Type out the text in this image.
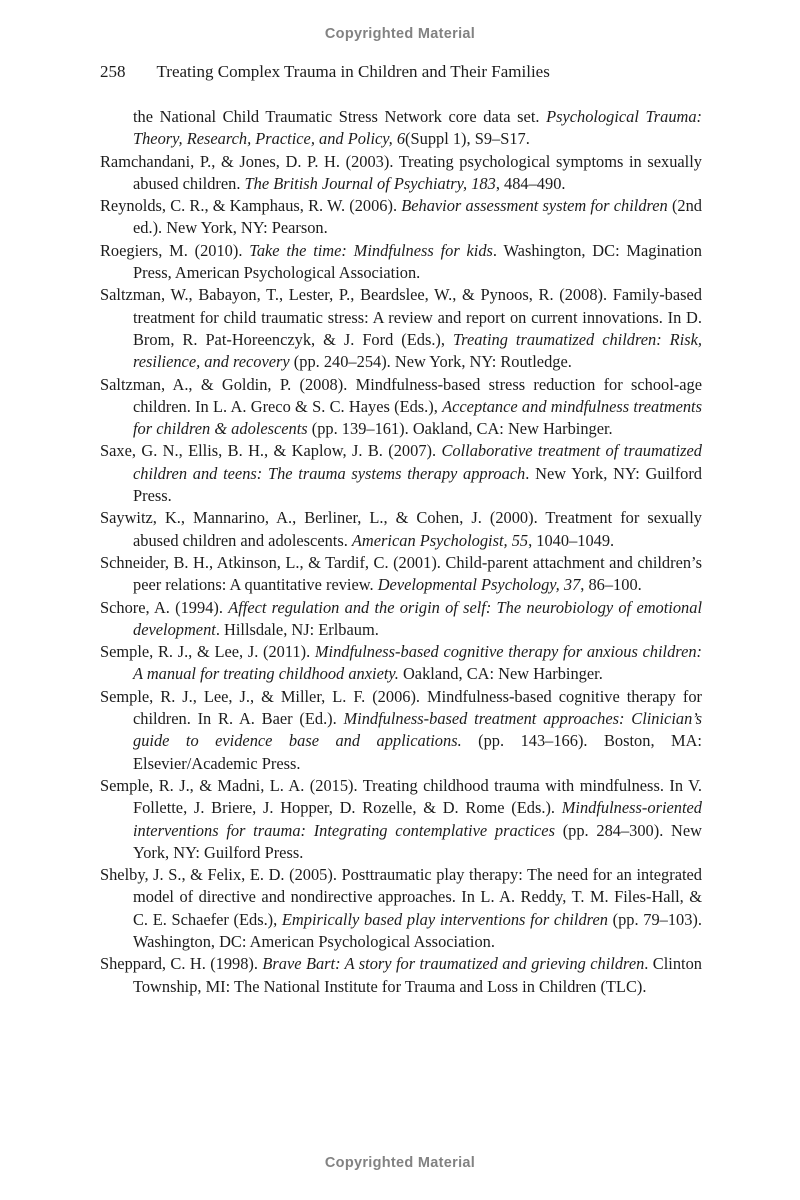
Copyrighted Material
258 Treating Complex Trauma in Children and Their Families

the National Child Traumatic Stress Network core data set. Psychological Trauma: Theory, Research, Practice, and Policy, 6(Suppl 1), S9–S17.

Ramchandani, P., & Jones, D. P. H. (2003). Treating psychological symptoms in sexually abused children. The British Journal of Psychiatry, 183, 484–490.

Reynolds, C. R., & Kamphaus, R. W. (2006). Behavior assessment system for children (2nd ed.). New York, NY: Pearson.

Roegiers, M. (2010). Take the time: Mindfulness for kids. Washington, DC: Magination Press, American Psychological Association.

Saltzman, W., Babayon, T., Lester, P., Beardslee, W., & Pynoos, R. (2008). Family-based treatment for child traumatic stress: A review and report on current innovations. In D. Brom, R. Pat-Horeenczyk, & J. Ford (Eds.), Treating traumatized children: Risk, resilience, and recovery (pp. 240–254). New York, NY: Routledge.

Saltzman, A., & Goldin, P. (2008). Mindfulness-based stress reduction for school-age children. In L. A. Greco & S. C. Hayes (Eds.), Acceptance and mindfulness treatments for children & adolescents (pp. 139–161). Oakland, CA: New Harbinger.

Saxe, G. N., Ellis, B. H., & Kaplow, J. B. (2007). Collaborative treatment of traumatized children and teens: The trauma systems therapy approach. New York, NY: Guilford Press.

Saywitz, K., Mannarino, A., Berliner, L., & Cohen, J. (2000). Treatment for sexually abused children and adolescents. American Psychologist, 55, 1040–1049.

Schneider, B. H., Atkinson, L., & Tardif, C. (2001). Child-parent attachment and children’s peer relations: A quantitative review. Developmental Psychology, 37, 86–100.

Schore, A. (1994). Affect regulation and the origin of self: The neurobiology of emotional development. Hillsdale, NJ: Erlbaum.

Semple, R. J., & Lee, J. (2011). Mindfulness-based cognitive therapy for anxious children: A manual for treating childhood anxiety. Oakland, CA: New Harbinger.

Semple, R. J., Lee, J., & Miller, L. F. (2006). Mindfulness-based cognitive therapy for children. In R. A. Baer (Ed.). Mindfulness-based treatment approaches: Clinician’s guide to evidence base and applications. (pp. 143–166). Boston, MA: Elsevier/Academic Press.

Semple, R. J., & Madni, L. A. (2015). Treating childhood trauma with mindfulness. In V. Follette, J. Briere, J. Hopper, D. Rozelle, & D. Rome (Eds.). Mindfulness-oriented interventions for trauma: Integrating contemplative practices (pp. 284–300). New York, NY: Guilford Press.

Shelby, J. S., & Felix, E. D. (2005). Posttraumatic play therapy: The need for an integrated model of directive and nondirective approaches. In L. A. Reddy, T. M. Files-Hall, & C. E. Schaefer (Eds.), Empirically based play interventions for children (pp. 79–103). Washington, DC: American Psychological Association.

Sheppard, C. H. (1998). Brave Bart: A story for traumatized and grieving children. Clinton Township, MI: The National Institute for Trauma and Loss in Children (TLC).

Copyrighted Material
